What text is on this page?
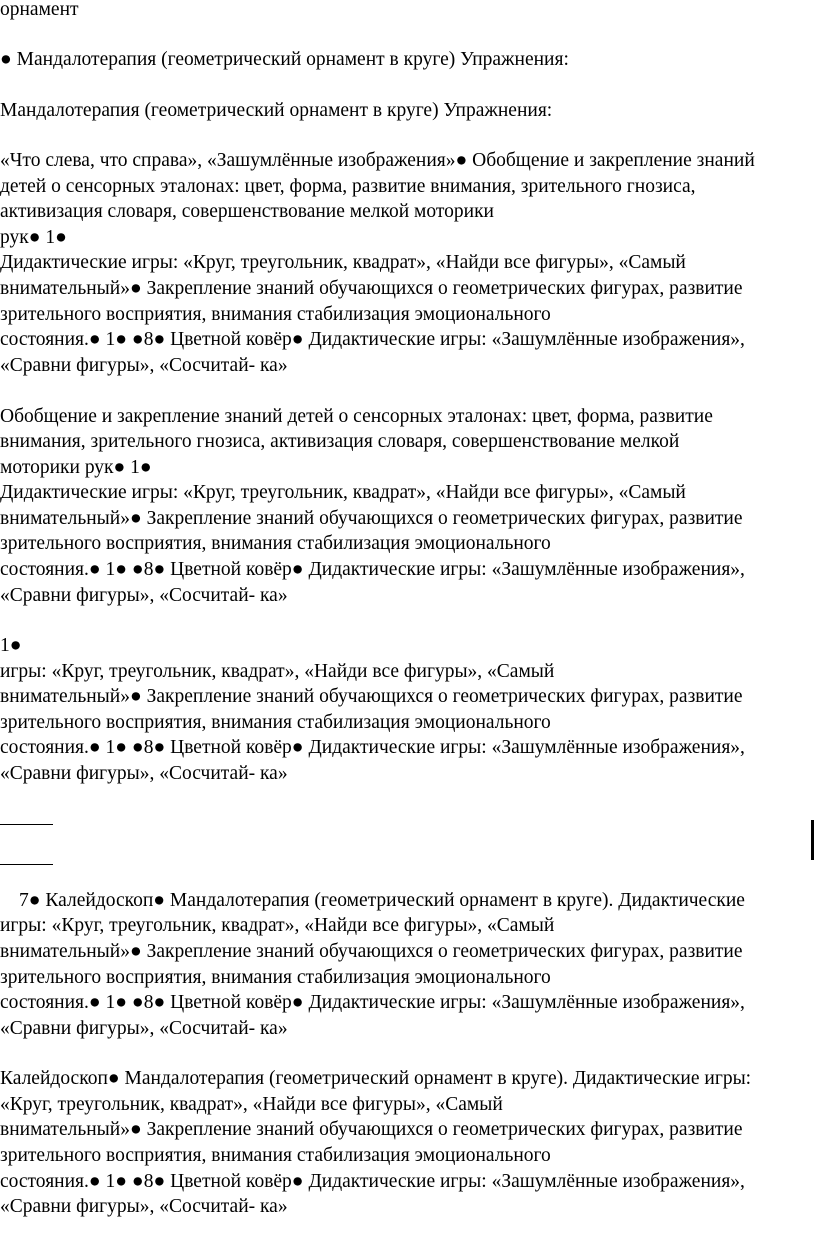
орнамент
● Мандалотерапия (геометрический орнамент в круге) Упражнения:
Мандалотерапия (геометрический орнамент в круге) Упражнения:
«Что слева, что справа», «Зашумлённые изображения»● Обобщение и закрепление знаний
детей о сенсорных эталонах: цвет, форма, развитие внимания, зрительного гнозиса,
активизация словаря, совершенствование мелкой моторики
рук● 1●
Дидактические игры: «Круг, треугольник, квадрат», «Найди все фигуры», «Самый
внимательный»● Закрепление знаний обучающихся о геометрических фигурах, развитие
зрительного восприятия, внимания стабилизация эмоционального
состояния.● 1● ●8● Цветной ковёр● Дидактические игры: «Зашумлённые изображения»,
«Сравни фигуры», «Сосчитай- ка»
Обобщение и закрепление знаний детей о сенсорных эталонах: цвет, форма, развитие
внимания, зрительного гнозиса, активизация словаря, совершенствование мелкой
моторики рук● 1●
Дидактические игры: «Круг, треугольник, квадрат», «Найди все фигуры», «Самый
внимательный»● Закрепление знаний обучающихся о геометрических фигурах, развитие
зрительного восприятия, внимания стабилизация эмоционального
состояния.● 1● ●8● Цветной ковёр● Дидактические игры: «Зашумлённые изображения»,
«Сравни фигуры», «Сосчитай- ка»
1●
игры: «Круг, треугольник, квадрат», «Найди все фигуры», «Самый
внимательный»● Закрепление знаний обучающихся о геометрических фигурах, развитие
зрительного восприятия, внимания стабилизация эмоционального
состояния.● 1● ●8● Цветной ковёр● Дидактические игры: «Зашумлённые изображения»,
«Сравни фигуры», «Сосчитай- ка»
7● Калейдоскоп● Мандалотерапия (геометрический орнамент в круге). Дидактические
игры: «Круг, треугольник, квадрат», «Найди все фигуры», «Самый
внимательный»● Закрепление знаний обучающихся о геометрических фигурах, развитие
зрительного восприятия, внимания стабилизация эмоционального
состояния.● 1● ●8● Цветной ковёр● Дидактические игры: «Зашумлённые изображения»,
«Сравни фигуры», «Сосчитай- ка»
Калейдоскоп● Мандалотерапия (геометрический орнамент в круге). Дидактические игры:
«Круг, треугольник, квадрат», «Найди все фигуры», «Самый
внимательный»● Закрепление знаний обучающихся о геометрических фигурах, развитие
зрительного восприятия, внимания стабилизация эмоционального
состояния.● 1● ●8● Цветной ковёр● Дидактические игры: «Зашумлённые изображения»,
«Сравни фигуры», «Сосчитай- ка»
